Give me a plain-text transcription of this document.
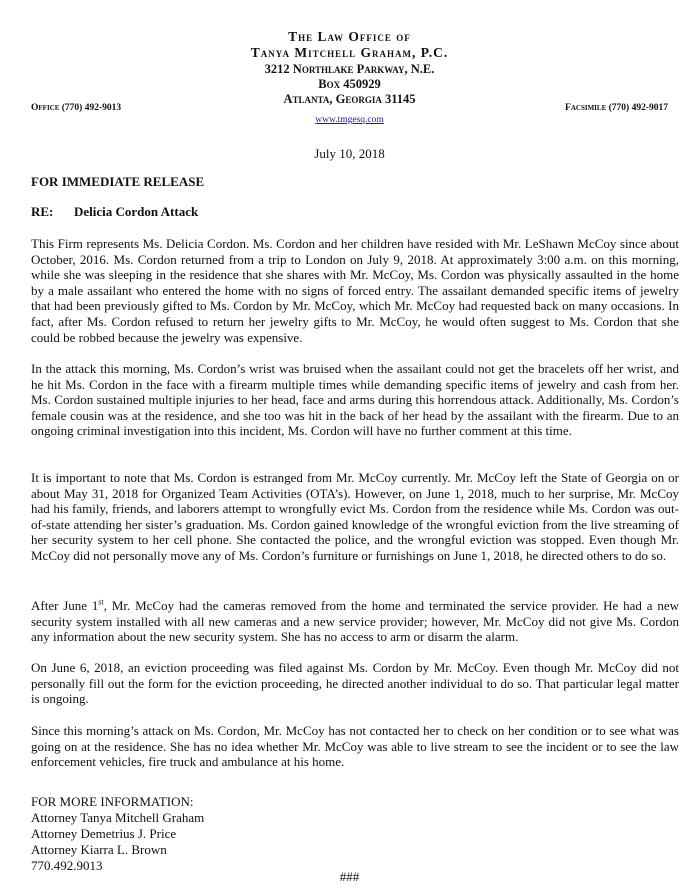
The Law Office of
Tanya Mitchell Graham, P.C.
3212 Northlake Parkway, N.E.
Box 450929
Atlanta, Georgia 31145
Office (770) 492-9013	Facsimile (770) 492-9017
www.tmgesq.com
July 10, 2018
FOR IMMEDIATE RELEASE
RE: Delicia Cordon Attack

This Firm represents Ms. Delicia Cordon. Ms. Cordon and her children have resided with Mr. LeShawn McCoy since about October, 2016. Ms. Cordon returned from a trip to London on July 9, 2018. At approximately 3:00 a.m. on this morning, while she was sleeping in the residence that she shares with Mr. McCoy, Ms. Cordon was physically assaulted in the home by a male assailant who entered the home with no signs of forced entry. The assailant demanded specific items of jewelry that had been previously gifted to Ms. Cordon by Mr. McCoy, which Mr. McCoy had requested back on many occasions. In fact, after Ms. Cordon refused to return her jewelry gifts to Mr. McCoy, he would often suggest to Ms. Cordon that she could be robbed because the jewelry was expensive.

In the attack this morning, Ms. Cordon’s wrist was bruised when the assailant could not get the bracelets off her wrist, and he hit Ms. Cordon in the face with a firearm multiple times while demanding specific items of jewelry and cash from her. Ms. Cordon sustained multiple injuries to her head, face and arms during this horrendous attack. Additionally, Ms. Cordon’s female cousin was at the residence, and she too was hit in the back of her head by the assailant with the firearm. Due to an ongoing criminal investigation into this incident, Ms. Cordon will have no further comment at this time.

It is important to note that Ms. Cordon is estranged from Mr. McCoy currently. Mr. McCoy left the State of Georgia on or about May 31, 2018 for Organized Team Activities (OTA’s). However, on June 1, 2018, much to her surprise, Mr. McCoy had his family, friends, and laborers attempt to wrongfully evict Ms. Cordon from the residence while Ms. Cordon was out-of-state attending her sister’s graduation. Ms. Cordon gained knowledge of the wrongful eviction from the live streaming of her security system to her cell phone. She contacted the police, and the wrongful eviction was stopped. Even though Mr. McCoy did not personally move any of Ms. Cordon’s furniture or furnishings on June 1, 2018, he directed others to do so.

After June 1st, Mr. McCoy had the cameras removed from the home and terminated the service provider. He had a new security system installed with all new cameras and a new service provider; however, Mr. McCoy did not give Ms. Cordon any information about the new security system. She has no access to arm or disarm the alarm.

On June 6, 2018, an eviction proceeding was filed against Ms. Cordon by Mr. McCoy. Even though Mr. McCoy did not personally fill out the form for the eviction proceeding, he directed another individual to do so. That particular legal matter is ongoing.

Since this morning’s attack on Ms. Cordon, Mr. McCoy has not contacted her to check on her condition or to see what was going on at the residence. She has no idea whether Mr. McCoy was able to live stream to see the incident or to see the law enforcement vehicles, fire truck and ambulance at his home.

FOR MORE INFORMATION:
Attorney Tanya Mitchell Graham
Attorney Demetrius J. Price
Attorney Kiarra L. Brown
770.492.9013
###
